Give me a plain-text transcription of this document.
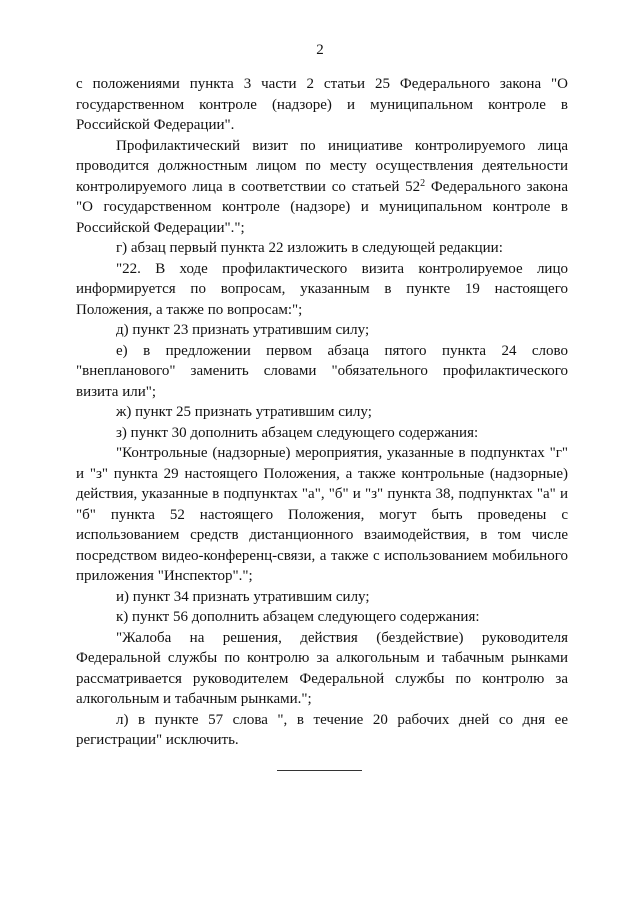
2

с положениями пункта 3 части 2 статьи 25 Федерального закона "О государственном контроле (надзоре) и муниципальном контроле в Российской Федерации".

Профилактический визит по инициативе контролируемого лица проводится должностным лицом по месту осуществления деятельности контролируемого лица в соответствии со статьей $52^2$ Федерального закона "О государственном контроле (надзоре) и муниципальном контроле в Российской Федерации".";

г) абзац первый пункта 22 изложить в следующей редакции:

"22. В ходе профилактического визита контролируемое лицо информируется по вопросам, указанным в пункте 19 настоящего Положения, а также по вопросам:";

д) пункт 23 признать утратившим силу;

е) в предложении первом абзаца пятого пункта 24 слово "внепланового" заменить словами "обязательного профилактического визита или";

ж) пункт 25 признать утратившим силу;

з) пункт 30 дополнить абзацем следующего содержания:

"Контрольные (надзорные) мероприятия, указанные в подпунктах "г" и "з" пункта 29 настоящего Положения, а также контрольные (надзорные) действия, указанные в подпунктах "а", "б" и "з" пункта 38, подпунктах "а" и "б" пункта 52 настоящего Положения, могут быть проведены с использованием средств дистанционного взаимодействия, в том числе посредством видео-конференц-связи, а также с использованием мобильного приложения "Инспектор".";

и) пункт 34 признать утратившим силу;

к) пункт 56 дополнить абзацем следующего содержания:

"Жалоба на решения, действия (бездействие) руководителя Федеральной службы по контролю за алкогольным и табачным рынками рассматривается руководителем Федеральной службы по контролю за алкогольным и табачным рынками.";

л) в пункте 57 слова ", в течение 20 рабочих дней со дня ее регистрации" исключить.
